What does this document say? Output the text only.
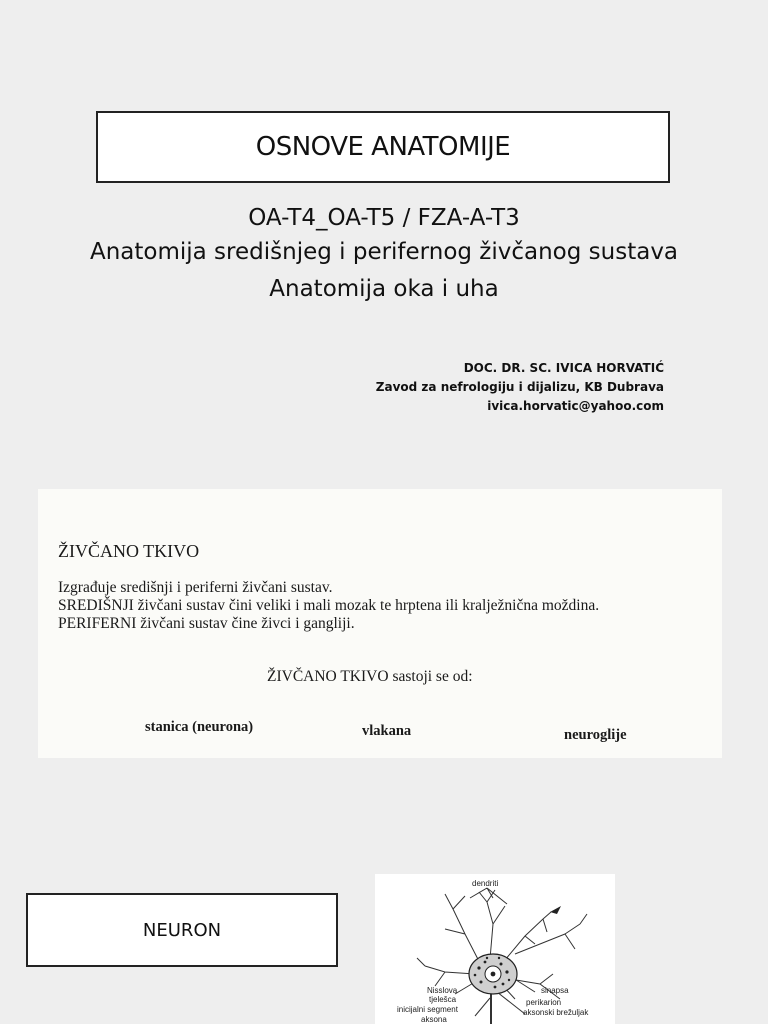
OSNOVE ANATOMIJE
OA-T4_OA-T5 / FZA-A-T3
Anatomija središnjeg i perifernog živčanog sustava
Anatomija oka i uha
DOC. DR. SC. IVICA HORVATIĆ
Zavod za nefrologiju i dijalizu, KB Dubrava
ivica.horvatic@yahoo.com
ŽIVČANO TKIVO
Izgrađuje središnji i periferni živčani sustav.
SREDIŠNJI živčani sustav čini veliki i mali mozak te hrptena ili kralježnična moždina.
PERIFERNI živčani sustav čine živci i gangliji.
ŽIVČANO TKIVO sastoji se od:
stanica (neurona)	vlakana	neuroglije
NEURON
dendriti
Nisslova
tjelešca
inicijalni segment
aksona
sinapsa
perikarion
aksonski brežuljak
